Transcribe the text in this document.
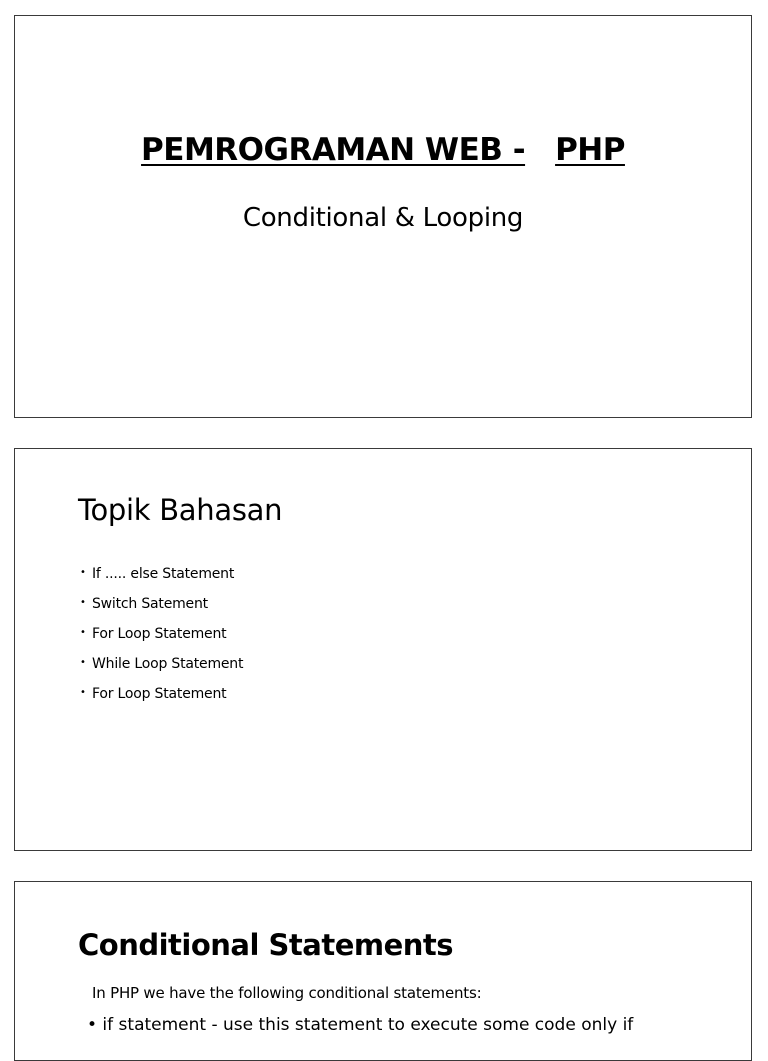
PEMROGRAMAN WEB - PHP
Conditional & Looping
Topik Bahasan
• If ..... else Statement
• Switch Satement
• For Loop Statement
• While Loop Statement
• For Loop Statement
Conditional Statements
In PHP we have the following conditional statements:
• if statement - use this statement to execute some code only if
